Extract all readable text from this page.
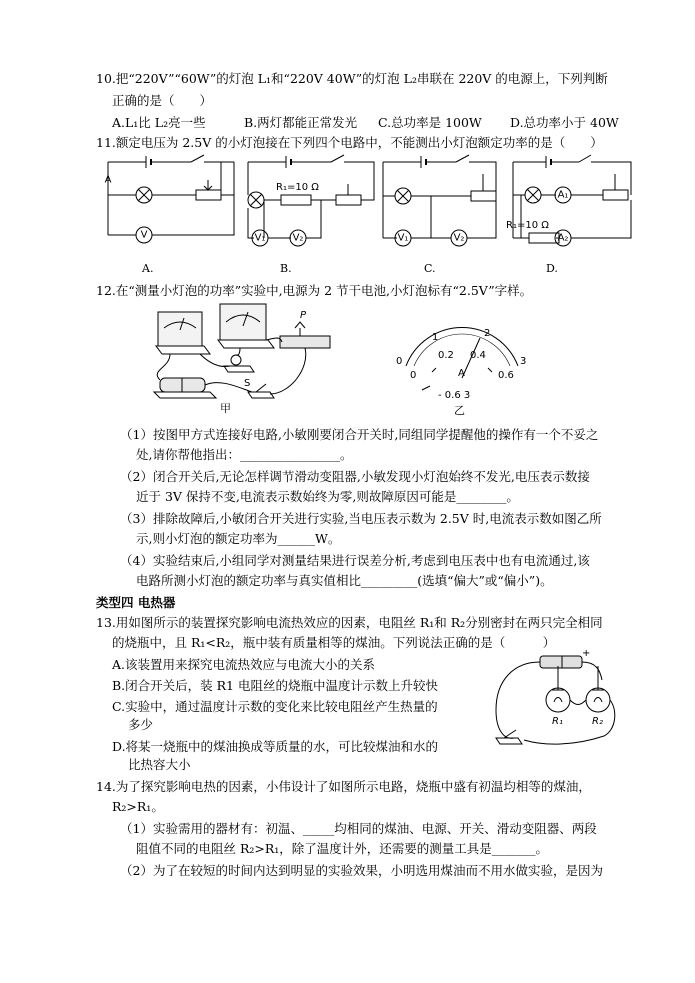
10.把“220V”“60W”的灯泡 L₁和“220V 40W”的灯泡 L₂串联在 220V 的电源上，下列判断
正确的是（　　）
A.L₁比 L₂亮一些	B.两灯都能正常发光 C.总功率是 100W D.总功率小于 40W
11.额定电压为 2.5V 的小灯泡接在下列四个电路中，不能测出小灯泡额定功率的是（　　）
A
V	V₁	V₂	V₁	V₂
A₁
A₂
R₁=10 Ω
R₁=10 Ω
A.	B.	C.	D.
12.在“测量小灯泡的功率”实验中,电源为 2 节干电池,小灯泡标有“2.5V”字样。
P
S
甲
1	2
0.2 0.4
0	3
0	0.6
A
- 0.6 3
乙
（1）按图甲方式连接好电路,小敏刚要闭合开关时,同组同学提醒他的操作有一个不妥之
处,请你帮他指出：________________。
（2）闭合开关后,无论怎样调节滑动变阻器,小敏发现小灯泡始终不发光,电压表示数接
近于 3V 保持不变,电流表示数始终为零,则故障原因可能是________。
（3）排除故障后,小敏闭合开关进行实验,当电压表示数为 2.5V 时,电流表示数如图乙所
示,则小灯泡的额定功率为______W。
（4）实验结束后,小组同学对测量结果进行误差分析,考虑到电压表中也有电流通过,该
电路所测小灯泡的额定功率与真实值相比_________(选填“偏大”或“偏小”)。
类型四 电热器
13.用如图所示的装置探究影响电流热效应的因素，电阻丝 R₁和 R₂分别密封在两只完全相同
的烧瓶中，且 R₁<R₂，瓶中装有质量相等的煤油。下列说法正确的是（　　　）
A.该装置用来探究电流热效应与电流大小的关系
B.闭合开关后，装 R1 电阻丝的烧瓶中温度计示数上升较快
C.实验中，通过温度计示数的变化来比较电阻丝产生热量的
多少
D.将某一烧瓶中的煤油换成等质量的水，可比较煤油和水的
比热容大小
+
R₁	R₂
14.为了探究影响电热的因素，小伟设计了如图所示电路，烧瓶中盛有初温均相等的煤油，
R₂>R₁。
（1）实验需用的器材有：初温、_____均相同的煤油、电源、开关、滑动变阻器、两段
阻值不同的电阻丝 R₂>R₁，除了温度计外，还需要的测量工具是_______。
（2）为了在较短的时间内达到明显的实验效果，小明选用煤油而不用水做实验，是因为
